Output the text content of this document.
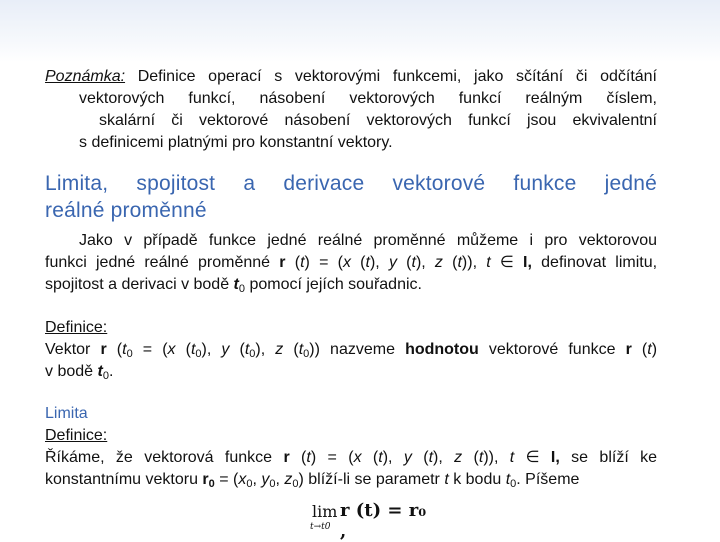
Poznámka: Definice operací s vektorovými funkcemi, jako sčítání či odčítání
vektorových funkcí, násobení vektorových funkcí reálným číslem,
skalární či vektorové násobení vektorových funkcí jsou ekvivalentní
s definicemi platnými pro konstantní vektory.
Limita, spojitost a derivace vektorové funkce jedné
reálné proměnné
Jako v případě funkce jedné reálné proměnné můžeme i pro vektorovou
funkci jedné reálné proměnné r (t) = (x (t), y (t), z (t)), t ∈ I, definovat limitu,
spojitost a derivaci v bodě $t_0$ pomocí jejích souřadnic.
Definice:
Vektor r ($t_0 = (x$ $(t_0)$, y $(t_0)$, z $(t_0)$) nazveme hodnotou vektorové funkce r (t)
v bodě $t_0$.
Limita
Definice:
Říkáme, že vektorová funkce r (t) = (x (t), y (t), z (t)), t ∈ I, se blíží ke
konstantnímu vektoru $r_0 = (x_0$, $y_0$, $z_0$) blíží-li se parametr t k bodu $t_0$. Píšeme
lim
t→t0
r (t) = r₀ ,
